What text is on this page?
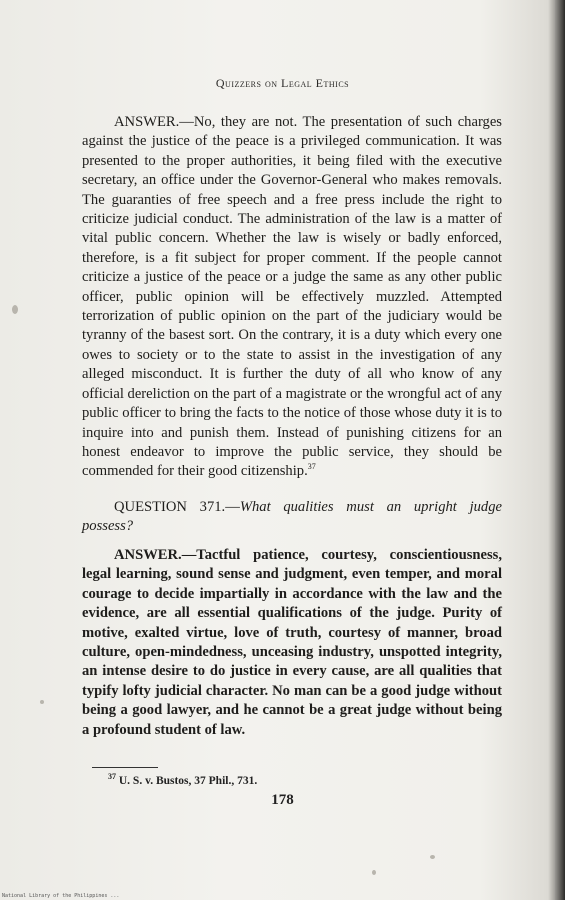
Quizzers on Legal Ethics

ANSWER.—No, they are not. The presentation of such charges against the justice of the peace is a privileged communication. It was presented to the proper authorities, it being filed with the executive secretary, an office under the Governor-General who makes removals. The guaranties of free speech and a free press include the right to criticize judicial conduct. The administration of the law is a matter of vital public concern. Whether the law is wisely or badly enforced, therefore, is a fit subject for proper comment. If the people cannot criticize a justice of the peace or a judge the same as any other public officer, public opinion will be effectively muzzled. Attempted terrorization of public opinion on the part of the judiciary would be tyranny of the basest sort. On the contrary, it is a duty which every one owes to society or to the state to assist in the investigation of any alleged misconduct. It is further the duty of all who know of any official dereliction on the part of a magistrate or the wrongful act of any public officer to bring the facts to the notice of those whose duty it is to inquire into and punish them. Instead of punishing citizens for an honest endeavor to improve the public service, they should be commended for their good citizenship.$^{37}$

QUESTION 371.—What qualities must an upright judge possess?

ANSWER.—Tactful patience, courtesy, conscientiousness, legal learning, sound sense and judgment, even temper, and moral courage to decide impartially in accordance with the law and the evidence, are all essential qualifications of the judge. Purity of motive, exalted virtue, love of truth, courtesy of manner, broad culture, open-mindedness, unceasing industry, unspotted integrity, an intense desire to do justice in every cause, are all qualities that typify lofty judicial character. No man can be a good judge without being a good lawyer, and he cannot be a great judge without being a profound student of law.

$^{37}$ U. S. v. Bustos, 37 Phil., 731.
178
National Library of the Philippines ...
